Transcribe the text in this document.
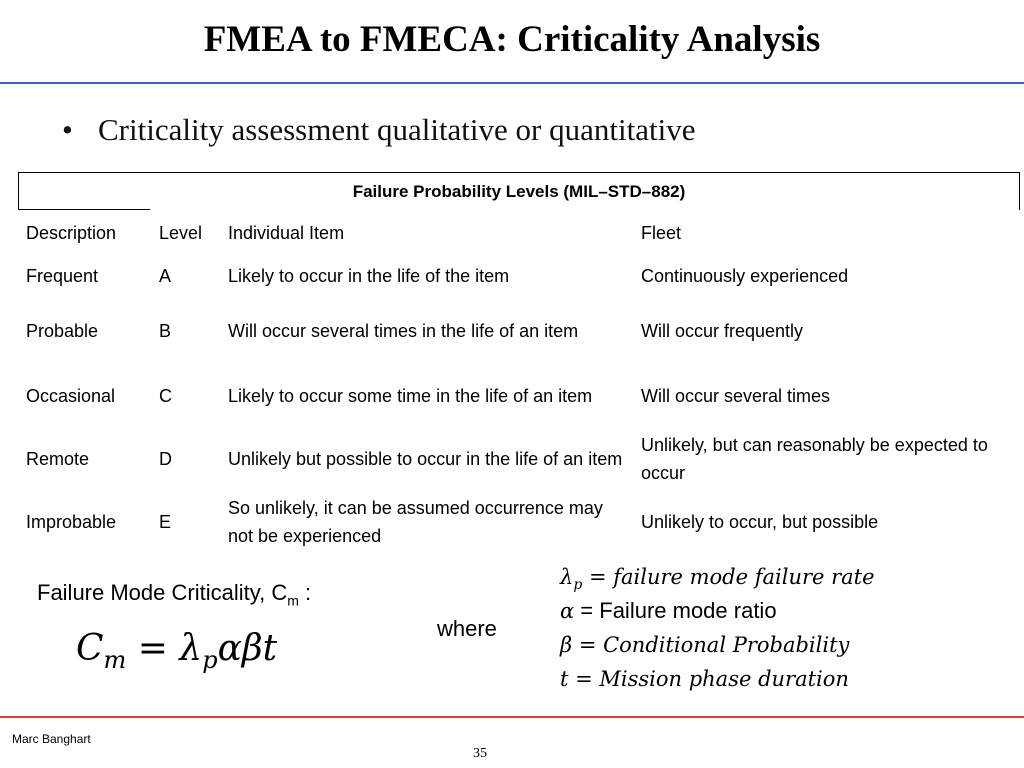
FMEA to FMECA: Criticality Analysis
• Criticality assessment qualitative or quantitative
Failure Probability Levels (MIL–STD–882)
Description	Level	Individual Item	Fleet
Frequent	A	Likely to occur in the life of the item	Continuously experienced
Probable	B	Will occur several times in the life of an item	Will occur frequently
Occasional	C	Likely to occur some time in the life of an item	Will occur several times
Remote	D	Unlikely but possible to occur in the life of an item	Unlikely, but can reasonably be expected to occur
Improbable	E	So unlikely, it can be assumed occurrence may not be experienced	Unlikely to occur, but possible
Failure Mode Criticality, $C_m$ :
$C_m = \lambda_p\alpha\beta t$	where
$\lambda_p$ = failure mode failure rate
α = Failure mode ratio
β = Conditional Probability
t = Mission phase duration
Marc Banghart
35
